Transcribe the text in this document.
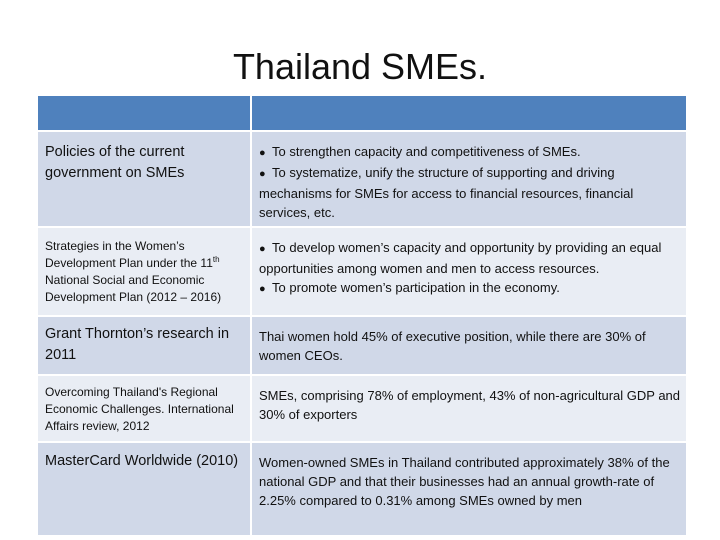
Thailand SMEs.

Policies of the current government on SMEs	● To strengthen capacity and competitiveness of SMEs.
● To systematize, unify the structure of supporting and driving mechanisms for SMEs for access to financial resources, financial services, etc.

Strategies in the Women’s Development Plan under the 11th National Social and Economic Development Plan (2012 – 2016)	● To develop women’s capacity and opportunity by providing an equal opportunities among women and men to access resources.
● To promote women’s participation in the economy.

Grant Thornton’s research in 2011	Thai women hold 45% of executive position, while there are 30% of women CEOs.
Overcoming Thailand's Regional Economic Challenges. International Affairs review, 2012	SMEs, comprising 78% of employment, 43% of non-agricultural GDP and 30% of exporters
MasterCard Worldwide (2010)	Women-owned SMEs in Thailand contributed approximately 38% of the national GDP and that their businesses had an annual growth-rate of 2.25% compared to 0.31% among SMEs owned by men
